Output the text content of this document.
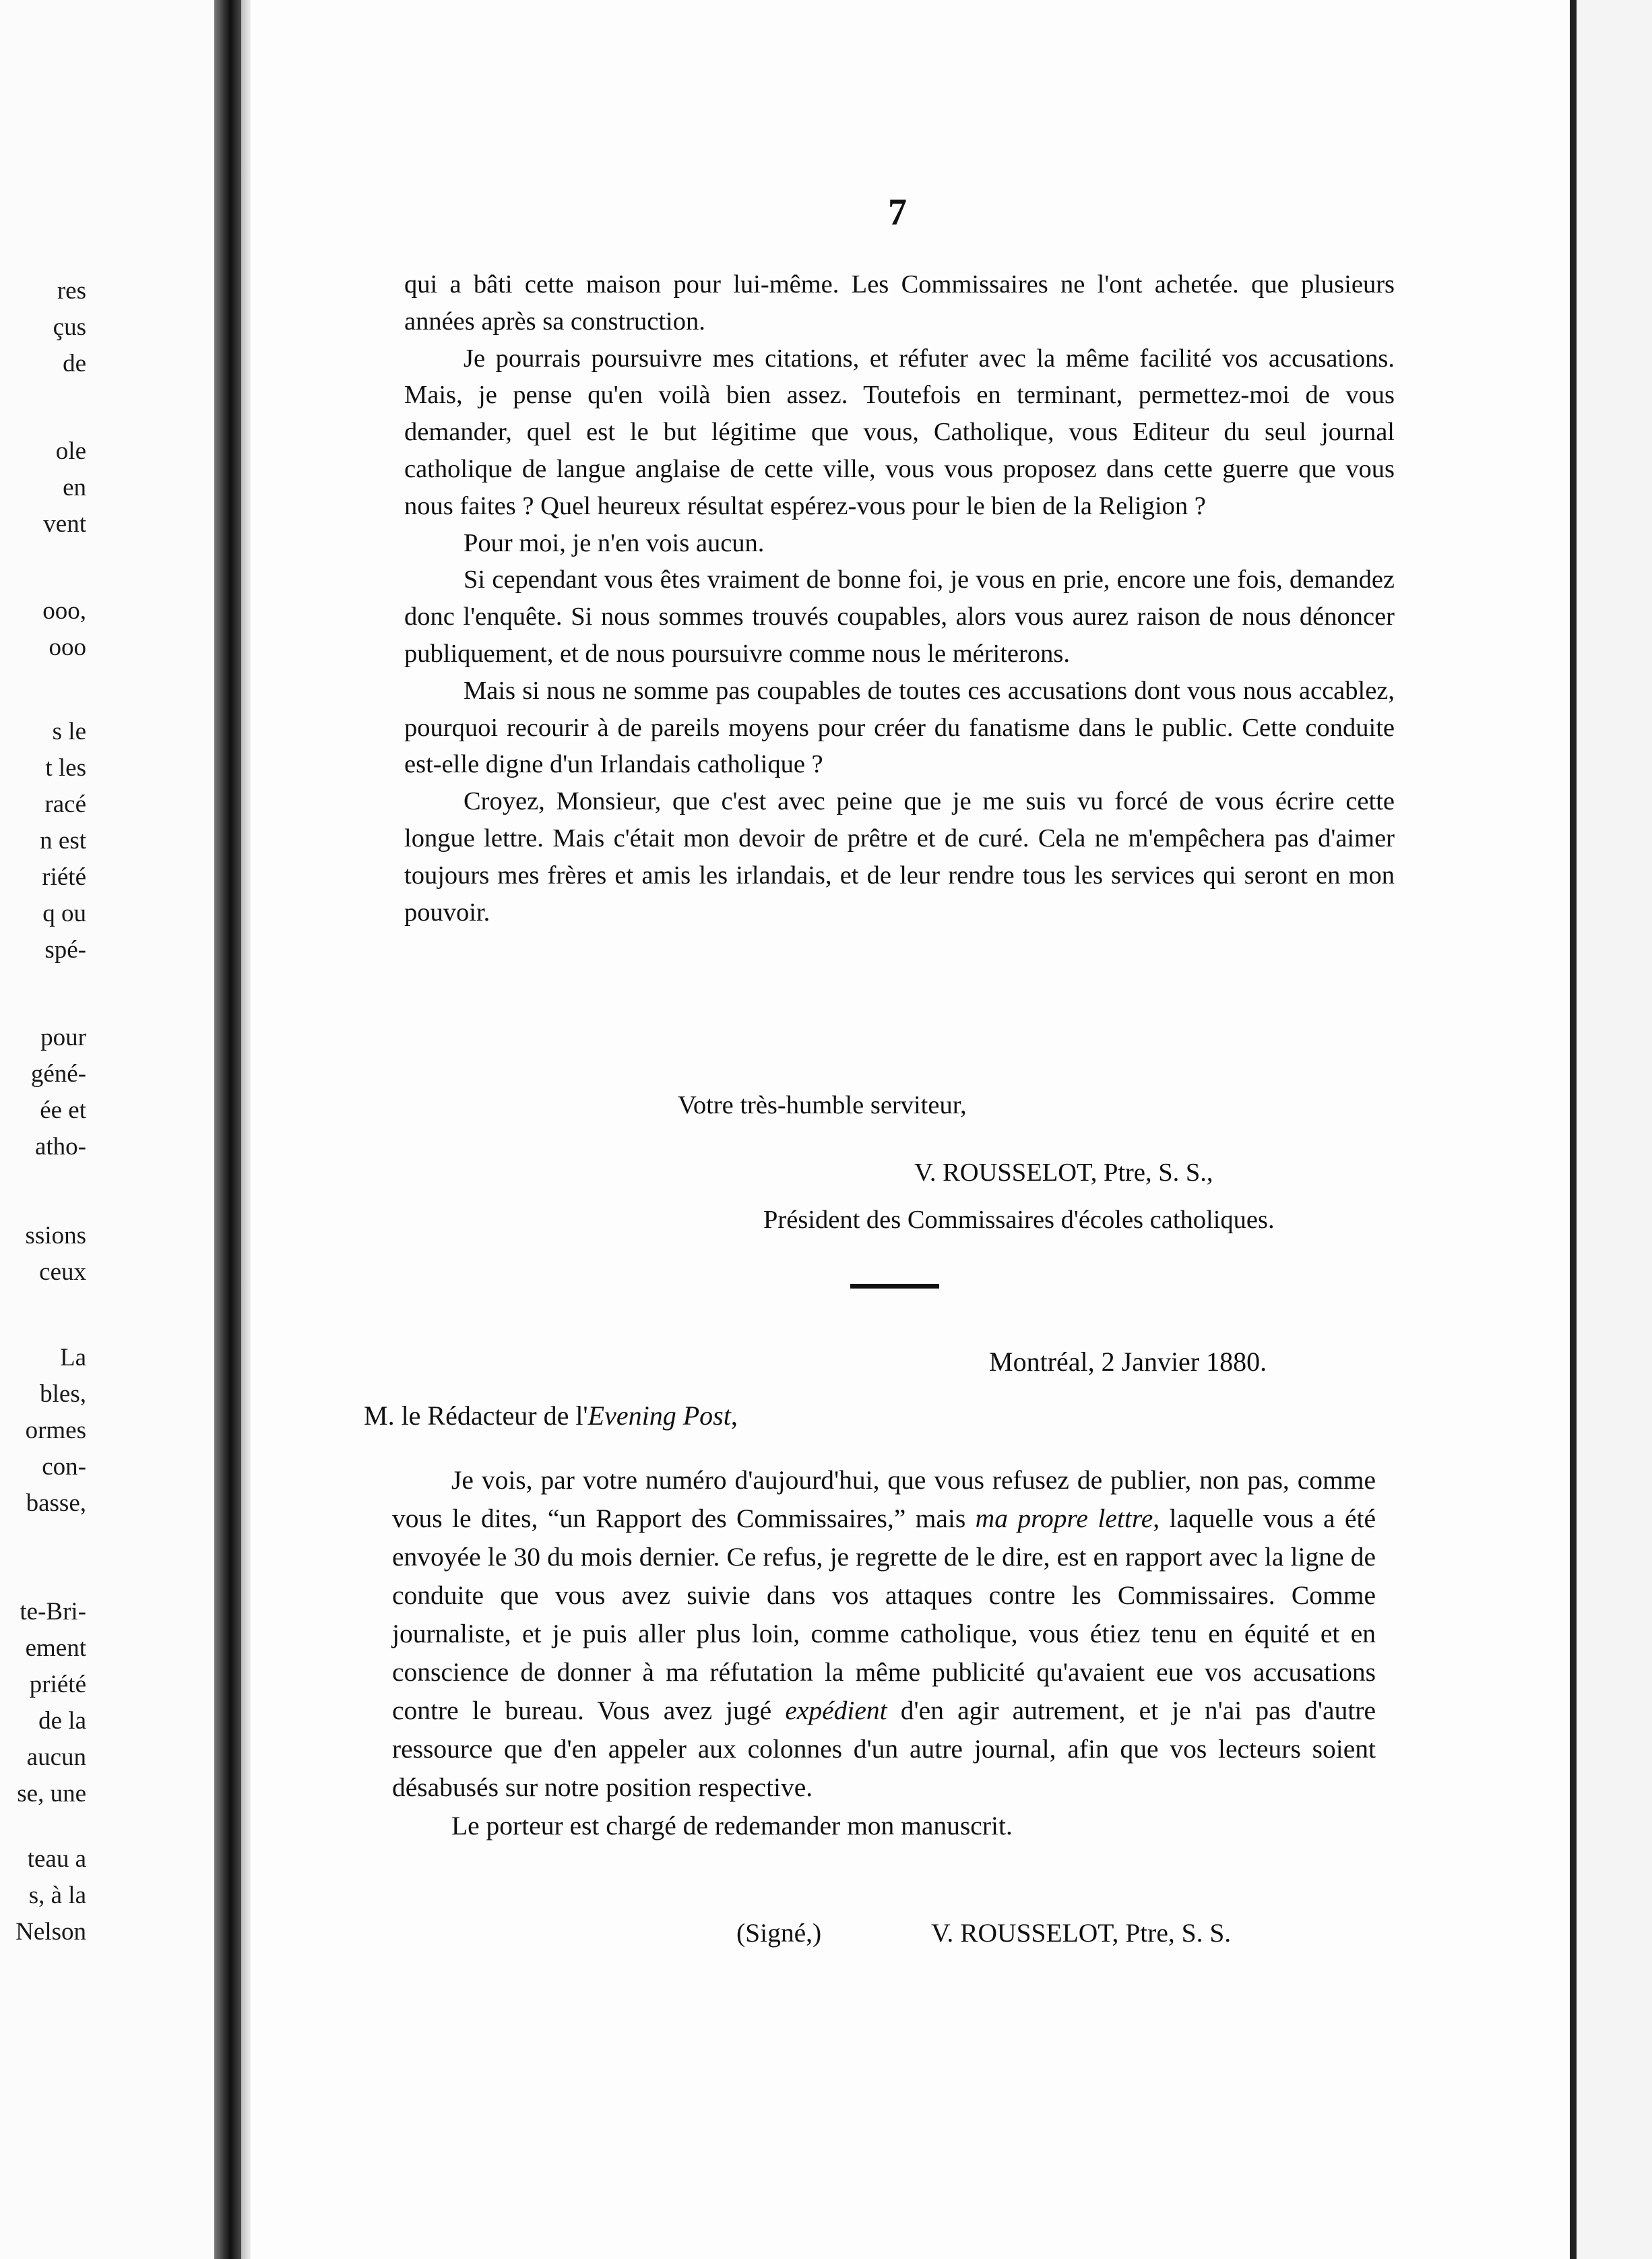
res
çus
de
ole
en
vent
ooo,
ooo
s le
t les
racé
n est
riété
q ou
spé-
pour
géné-
ée et
atho-
ssions
ceux
La
bles,
ormes
con-
basse,
te-Bri-
ement
priété
de la
aucun
se, une
teau a
s, à la
Nelson
7

qui a bâti cette maison pour lui-même. Les Commissaires ne l'ont achetée. que plusieurs années après sa construction.

Je pourrais poursuivre mes citations, et réfuter avec la même facilité vos accusations. Mais, je pense qu'en voilà bien assez. Toutefois en terminant, permettez-moi de vous demander, quel est le but légitime que vous, Catholique, vous Editeur du seul journal catholique de langue anglaise de cette ville, vous vous proposez dans cette guerre que vous nous faites ? Quel heureux résultat espérez-vous pour le bien de la Religion ?

Pour moi, je n'en vois aucun.

Si cependant vous êtes vraiment de bonne foi, je vous en prie, encore une fois, demandez donc l'enquête. Si nous sommes trouvés coupables, alors vous aurez raison de nous dénoncer publiquement, et de nous poursuivre comme nous le mériterons.

Mais si nous ne somme pas coupables de toutes ces accusations dont vous nous accablez, pourquoi recourir à de pareils moyens pour créer du fanatisme dans le public. Cette conduite est-elle digne d'un Irlandais catholique ?

Croyez, Monsieur, que c'est avec peine que je me suis vu forcé de vous écrire cette longue lettre. Mais c'était mon devoir de prêtre et de curé. Cela ne m'empêchera pas d'aimer toujours mes frères et amis les irlandais, et de leur rendre tous les services qui seront en mon pouvoir.

Votre très-humble serviteur,
V. ROUSSELOT, Ptre, S. S.,
Président des Commissaires d'écoles catholiques.
Montréal, 2 Janvier 1880.
M. le Rédacteur de l'Evening Post,

Je vois, par votre numéro d'aujourd'hui, que vous refusez de publier, non pas, comme vous le dites, “un Rapport des Commissaires,” mais ma propre lettre, laquelle vous a été envoyée le 30 du mois dernier. Ce refus, je regrette de le dire, est en rapport avec la ligne de conduite que vous avez suivie dans vos attaques contre les Commissaires. Comme journaliste, et je puis aller plus loin, comme catholique, vous étiez tenu en équité et en conscience de donner à ma réfutation la même publicité qu'avaient eue vos accusations contre le bureau. Vous avez jugé expédient d'en agir autrement, et je n'ai pas d'autre ressource que d'en appeler aux colonnes d'un autre journal, afin que vos lecteurs soient désabusés sur notre position respective.

Le porteur est chargé de redemander mon manuscrit.

(Signé,)	V. ROUSSELOT, Ptre, S. S.
